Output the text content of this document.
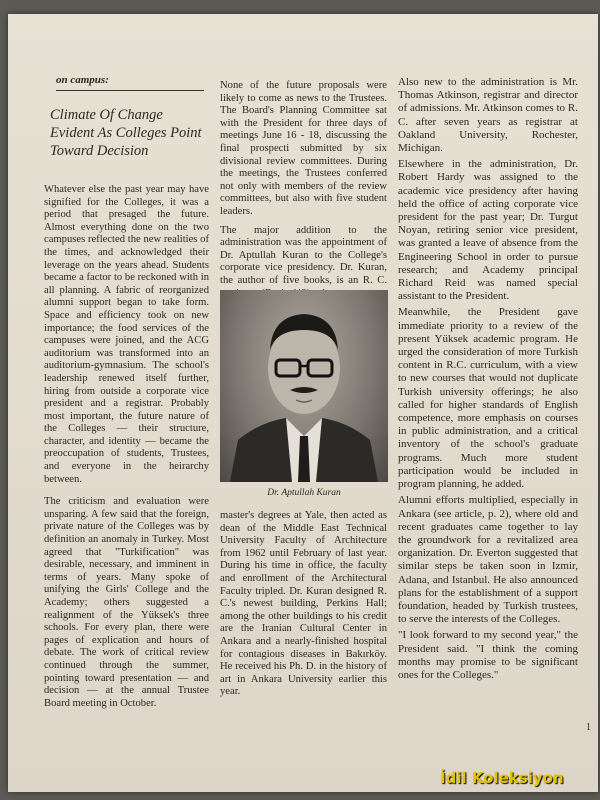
on campus:
Climate Of Change Evident As Colleges Point Toward Decision

Whatever else the past year may have signified for the Colleges, it was a period that presaged the future. Almost everything done on the two campuses reflected the new realities of the times, and acknowledged their leverage on the years ahead. Students became a factor to be reckoned with in all planning. A fabric of reorganized alumni support began to take form. Space and efficiency took on new importance; the food services of the campuses were joined, and the ACG auditorium was transformed into an auditorium-gymnasium. The school's leadership renewed itself further, hiring from outside a corporate vice president and a registrar. Probably most important, the future nature of the Colleges — their structure, character, and identity — became the preoccupation of students, Trustees, and everyone in the heirarchy between.

The criticism and evaluation were unsparing. A few said that the foreign, private nature of the Colleges was by definition an anomaly in Turkey. Most agreed that "Turkification" was desirable, necessary, and imminent in terms of years. Many spoke of unifying the Girls' College and the Academy; others suggested a realignment of the Yüksek's three schools. For every plan, there were pages of explication and hours of debate. The work of critical review continued through the summer, pointing toward presentation — and decision — at the annual Trustee Board meeting in October.

None of the future proposals were likely to come as news to the Trustees. The Board's Planning Committee sat with the President for three days of meetings June 16 - 18, discussing the final prospecti submitted by six divisional review committees. During the meetings, the Trustees conferred not only with members of the review committees, but also with five student leaders.

The major addition to the administration was the appointment of Dr. Aptullah Kuran to the College's corporate vice presidency. Dr. Kuran, the author of five books, is an R. C.

Dr. Aptullah Kuran

master's degrees at Yale, then acted as dean of the Middle East Technical University Faculty of Architecture from 1962 until February of last year. During his time in office, the faculty and enrollment of the Architectural Faculty tripled. Dr. Kuran designed R. C.'s newest building, Perkins Hall; among the other buildings to his credit are the Iranian Cultural Center in Ankara and a nearly-finished hospital for contagious diseases in Bakırköy. He received his Ph. D. in the history of art in Ankara University earlier this year.

Also new to the administration is Mr. Thomas Atkinson, registrar and director of admissions. Mr. Atkinson comes to R. C. after seven years as registrar at Oakland University, Rochester, Michigan.

Elsewhere in the administration, Dr. Robert Hardy was assigned to the academic vice presidency after having held the office of acting corporate vice president for the past year; Dr. Turgut Noyan, retiring senior vice president, was granted a leave of absence from the Engineering School in order to pursue research; and Academy principal Richard Reid was named special assistant to the President.

Meanwhile, the President gave immediate priority to a review of the present Yüksek academic program. He urged the consideration of more Turkish content in R.C. curriculum, with a view to new courses that would not duplicate Turkish university offerings; he also called for higher standards of English competence, more emphasis on courses in public administration, and a critical inventory of the school's graduate programs. Much more student participation would be included in program planning, he added.

Alumni efforts multiplied, especially in Ankara (see article, p. 2), where old and recent graduates came together to lay the groundwork for a revitalized area organization. Dr. Everton suggested that similar steps be taken soon in Izmir, Adana, and Istanbul. He also announced plans for the establishment of a support foundation, headed by Turkish trustees, to serve the interests of the Colleges.

"I look forward to my second year," the President said. "I think the coming months may promise to be significant ones for the Colleges."

1
İdil Koleksiyon
